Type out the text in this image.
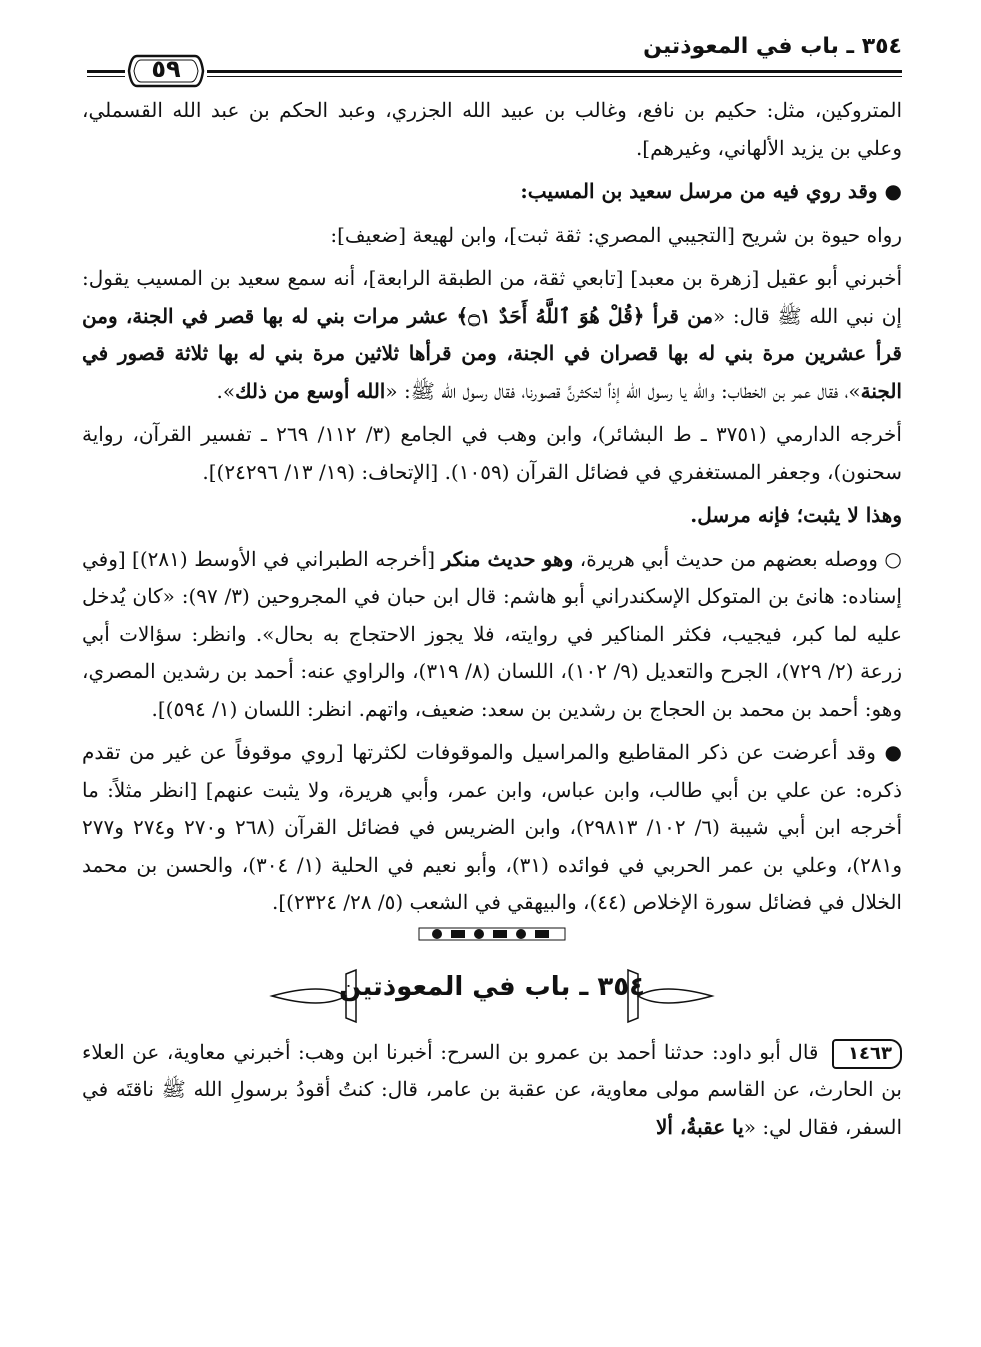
٣٥٤ ـ باب في المعوذتين
٥٩

المتروكين، مثل: حكيم بن نافع، وغالب بن عبيد الله الجزري، وعبد الحكم بن عبد الله القسملي، وعلي بن يزيد الألهاني، وغيرهم].

● وقد روي فيه من مرسل سعيد بن المسيب:

رواه حيوة بن شريح [التجيبي المصري: ثقة ثبت]، وابن لهيعة [ضعيف]:

أخبرني أبو عقيل [زهرة بن معبد] [تابعي ثقة، من الطبقة الرابعة]، أنه سمع سعيد بن المسيب يقول: إن نبي الله ﷺ قال: «من قرأ ﴿قُلْ هُوَ ٱللَّهُ أَحَدٌ ۝١﴾ عشر مرات بني له بها قصر في الجنة، ومن قرأ عشرين مرة بني له بها قصران في الجنة، ومن قرأها ثلاثين مرة بني له بها ثلاثة قصور في الجنة»، فقال عمر بن الخطاب: والله يا رسول الله إذاً لتكثرنَّ قصورنا، فقال رسول الله ﷺ: «الله أوسع من ذلك».

أخرجه الدارمي (٣٧٥١ ـ ط البشائر)، وابن وهب في الجامع (٣/ ١١٢/ ٢٦٩ ـ تفسير القرآن، رواية سحنون)، وجعفر المستغفري في فضائل القرآن (١٠٥٩). [الإتحاف: (١٩/ ١٣/ ٢٤٢٩٦)].

وهذا لا يثبت؛ فإنه مرسل.

○ ووصله بعضهم من حديث أبي هريرة، وهو حديث منكر [أخرجه الطبراني في الأوسط (٢٨١)] [وفي إسناده: هانئ بن المتوكل الإسكندراني أبو هاشم: قال ابن حبان في المجروحين (٣/ ٩٧): «كان يُدخل عليه لما كبر، فيجيب، فكثر المناكير في روايته، فلا يجوز الاحتجاج به بحال». وانظر: سؤالات أبي زرعة (٢/ ٧٢٩)، الجرح والتعديل (٩/ ١٠٢)، اللسان (٨/ ٣١٩)، والراوي عنه: أحمد بن رشدين المصري، وهو: أحمد بن محمد بن الحجاج بن رشدين بن سعد: ضعيف، واتهم. انظر: اللسان (١/ ٥٩٤)].

● وقد أعرضت عن ذكر المقاطيع والمراسيل والموقوفات لكثرتها [روي موقوفاً عن غير من تقدم ذكره: عن علي بن أبي طالب، وابن عباس، وابن عمر، وأبي هريرة، ولا يثبت عنهم] [انظر مثلاً: ما أخرجه ابن أبي شيبة (٦/ ١٠٢/ ٢٩٨١٣)، وابن الضريس في فضائل القرآن (٢٦٨ و٢٧٠ و٢٧٤ و٢٧٧ و٢٨١)، وعلي بن عمر الحربي في فوائده (٣١)، وأبو نعيم في الحلية (١/ ٣٠٤)، والحسن بن محمد الخلال في فضائل سورة الإخلاص (٤٤)، والبيهقي في الشعب (٥/ ٢٨/ ٢٣٢٤)].

٣٥٤ ـ باب في المعوذتين

١٤٦٣ قال أبو داود: حدثنا أحمد بن عمرو بن السرح: أخبرنا ابن وهب: أخبرني معاوية، عن العلاء بن الحارث، عن القاسم مولى معاوية، عن عقبة بن عامر، قال: كنتُ أقودُ برسولِ الله ﷺ ناقتَه في السفر، فقال لي: «يا عقبةُ، ألا
